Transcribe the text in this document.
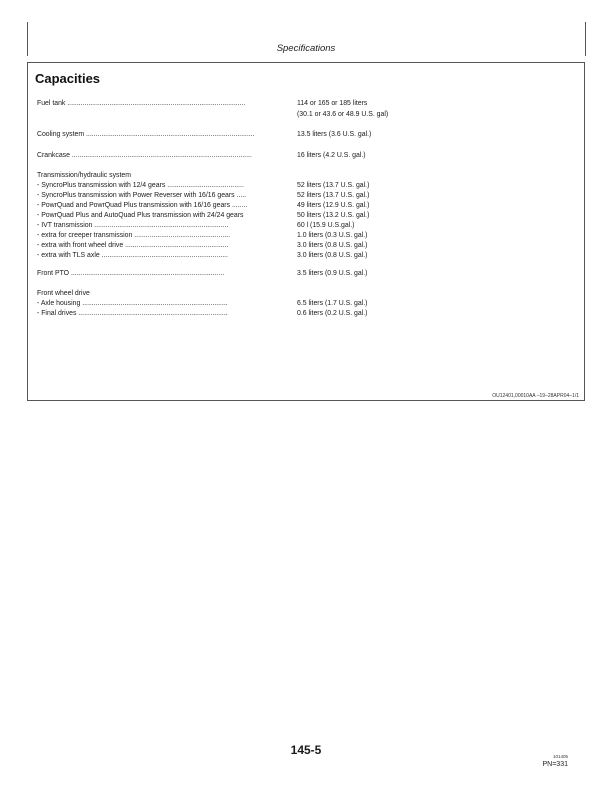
Specifications
Capacities
Fuel tank .............................................................................................	114 or 165 or 185 liters
(30.1 or 43.6 or 48.9 U.S. gal)
Cooling system ........................................................................................	13.5 liters (3.6 U.S. gal.)
Crankcase ..............................................................................................	16 liters (4.2 U.S. gal.)
Transmission/hydraulic system
- SyncroPlus transmission with 12/4 gears ........................................	52 liters (13.7 U.S. gal.)
- SyncroPlus transmission with Power Reverser with 16/16 gears .....	52 liters (13.7 U.S. gal.)
- PowrQuad and PowrQuad Plus transmission with 16/16 gears ........	49 liters (12.9 U.S. gal.)
- PowrQuad Plus and AutoQuad Plus transmission with 24/24 gears	50 liters (13.2 U.S. gal.)
- IVT transmission ......................................................................	60 l (15.9 U.S.gal.)
- extra for creeper transmission ..................................................	1.0 liters (0.3 U.S. gal.)
- extra with front wheel drive ......................................................	3.0 liters (0.8 U.S. gal.)
- extra with TLS axle ..................................................................	3.0 liters (0.8 U.S. gal.)
Front PTO ................................................................................	3.5 liters (0.9 U.S. gal.)
Front wheel drive
- Axle housing ............................................................................	6.5 liters (1.7 U.S. gal.)
- Final drives ..............................................................................	0.6 liters (0.2 U.S. gal.)
OU12401,00010AA –19–28APR04–1/1
145-5	101405
PN=331
